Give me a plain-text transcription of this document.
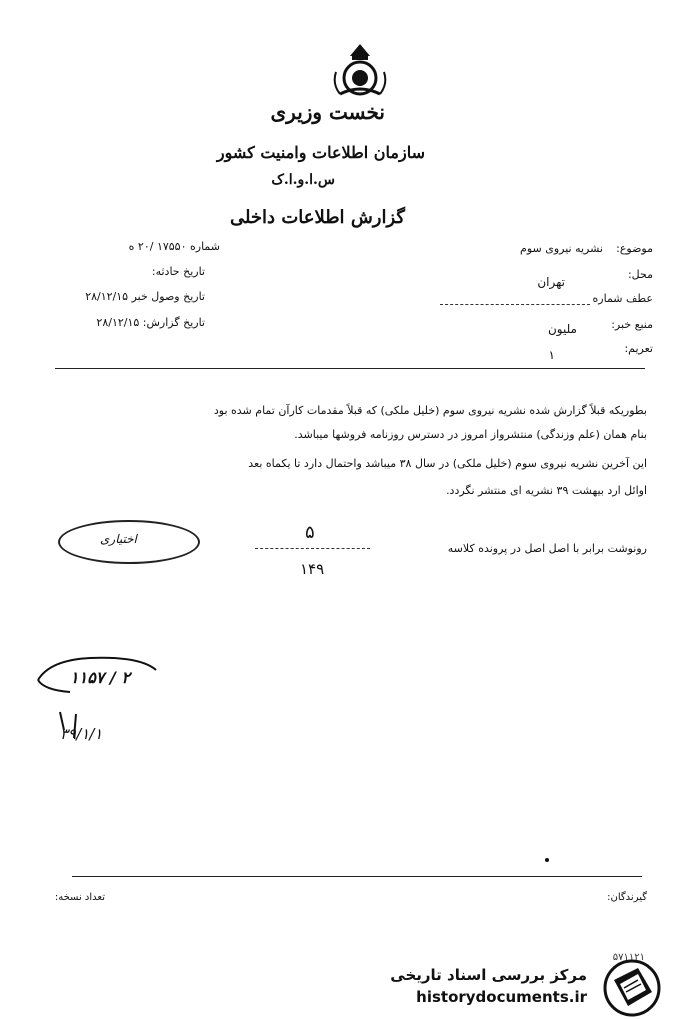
نخست وزیری
سازمان اطلاعات وامنیت کشور
س.ا.و.ا.ک
گزارش اطلاعات داخلی
شماره ۱۷۵۵۰ /۲۰ ه
تاریخ حادثه:
تاریخ وصول خبر ۲۸/۱۲/۱۵
تاریخ گزارش: ۲۸/۱۲/۱۵
موضوع:
نشریه نیروی سوم
محل:
تهران
عطف شماره
منبع خبر:
ملیون
تعریم:
۱
بطوریکه قبلاً گزارش شده نشریه نیروی سوم (خلیل ملکی) که قبلاً مقدمات کارآن تمام شده بود
بنام همان (علم وزندگی) منتشرواز امروز در دسترس روزنامه فروشها میباشد.
این آخرین نشریه نیروی سوم (خلیل ملکی) در سال ۳۸ میباشد واحتمال دارد تا یکماه بعد
اوائل ارد بیهشت ۳۹ نشریه ای منتشر نگردد.
رونوشت برابر با اصل اصل در پرونده کلاسه
۵
۱۴۹
اختیاری
۱۱۵۷ / ۲
۳۹/۱/۱
تعداد نسخه:	گیرندگان:
۵۷۱۱۲۱
مرکز بررسی اسناد تاریخی
historydocuments.ir
